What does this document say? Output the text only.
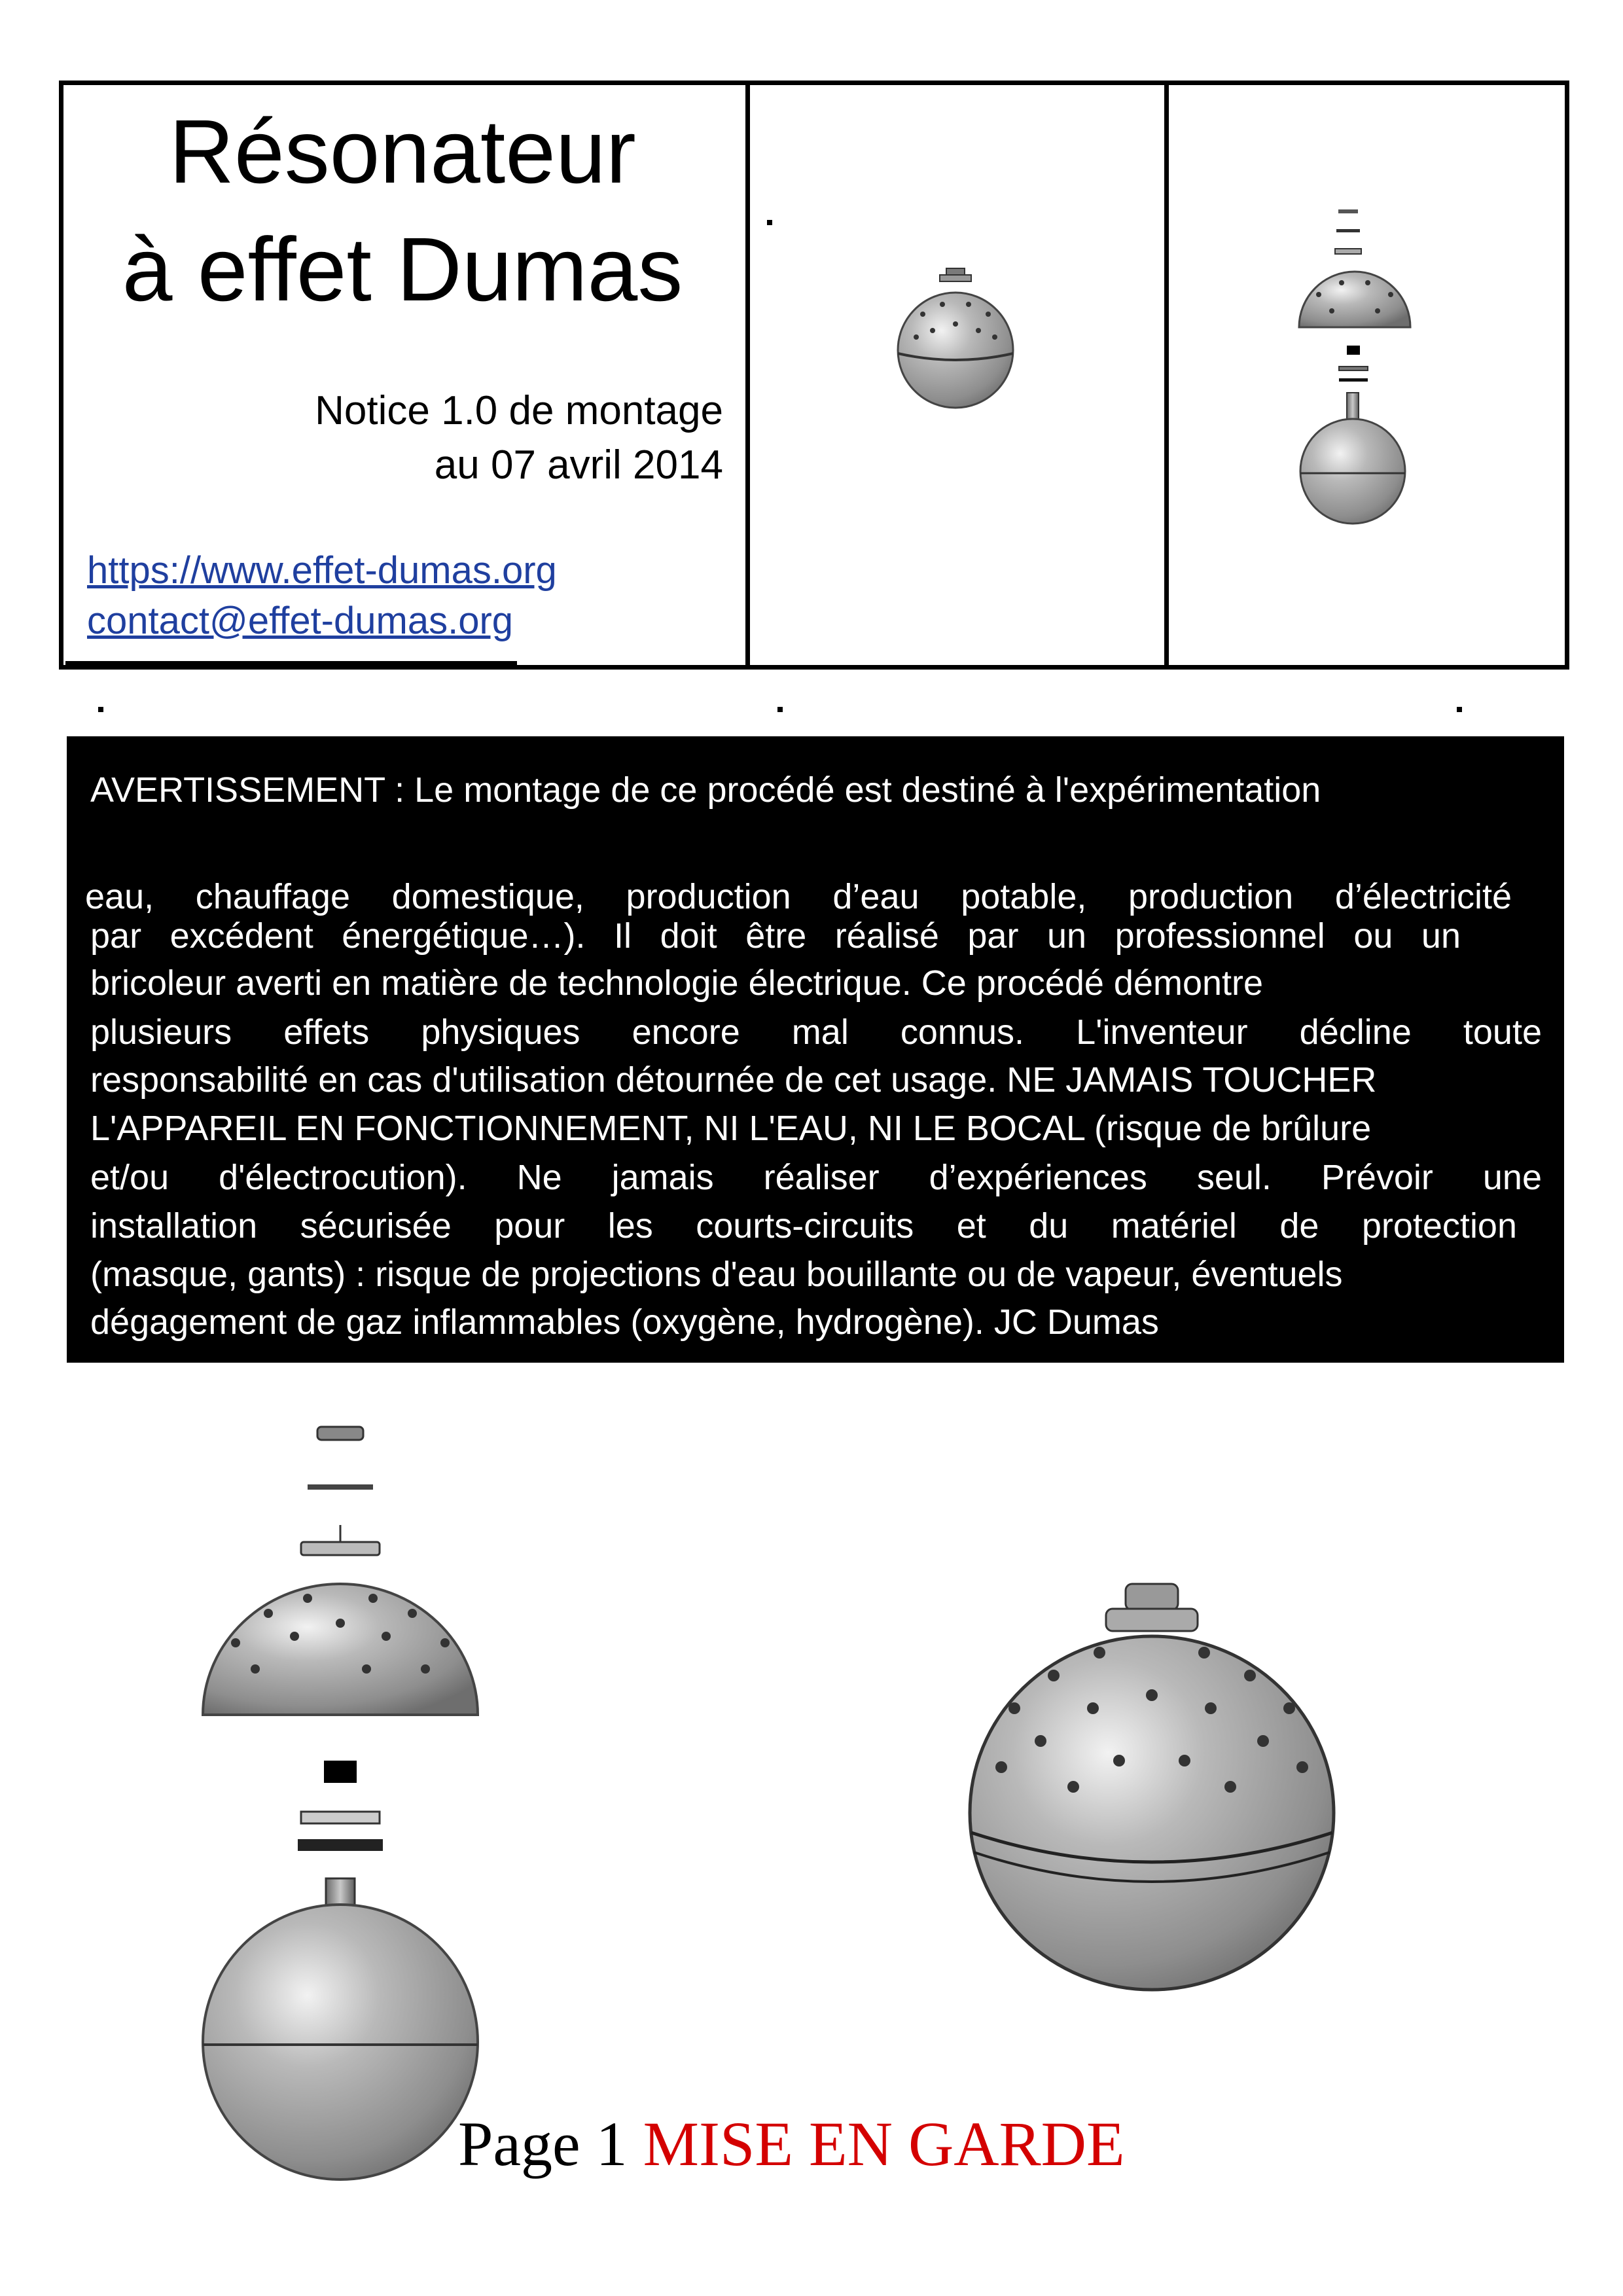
Résonateur
à effet Dumas
Notice 1.0 de montage
au 07 avril 2014
https://www.effet-dumas.org
contact@effet-dumas.org
AVERTISSEMENT : Le montage de ce procédé est destiné à l'expérimentation
eau, chauffage domestique, production d’eau potable, production d’électricité
par excédent énergétique…). Il doit être réalisé par un professionnel ou un
bricoleur averti en matière de technologie électrique. Ce procédé démontre
plusieurs effets physiques encore mal connus. L'inventeur décline toute
responsabilité en cas d'utilisation détournée de cet usage. NE JAMAIS TOUCHER
L'APPAREIL EN FONCTIONNEMENT, NI L'EAU, NI LE BOCAL (risque de brûlure
et/ou d'électrocution). Ne jamais réaliser d’expériences seul. Prévoir une
installation sécurisée pour les courts-circuits et du matériel de protection
(masque, gants) : risque de projections d'eau bouillante ou de vapeur, éventuels
dégagement de gaz inflammables (oxygène, hydrogène). JC Dumas
Page 1 MISE EN GARDE
